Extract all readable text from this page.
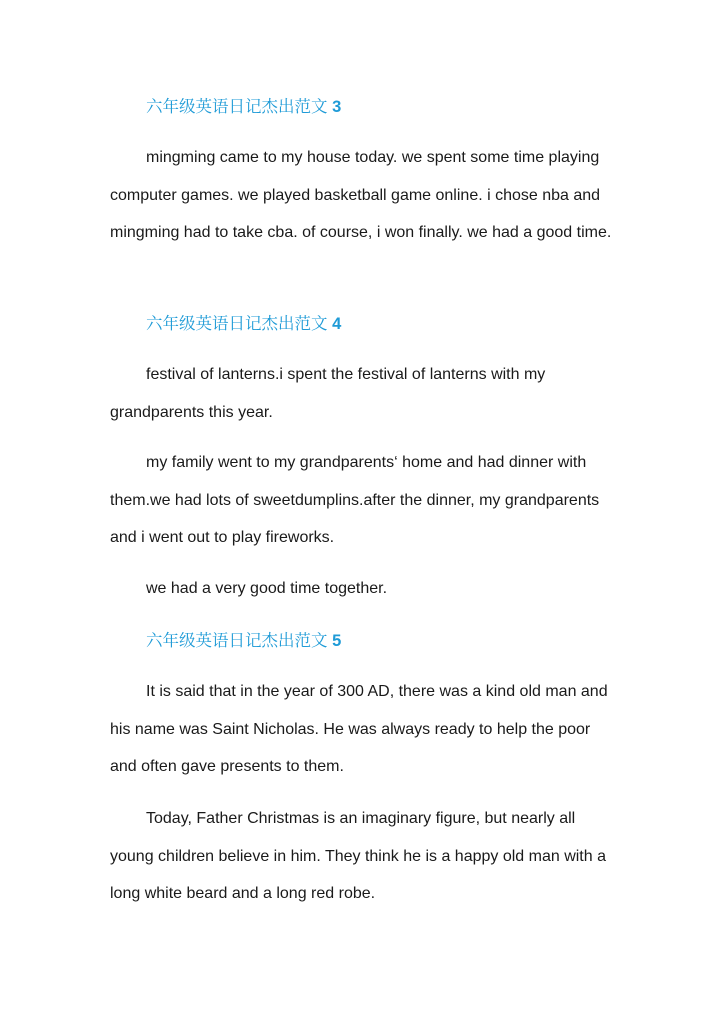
六年级英语日记杰出范文 3

mingming came to my house today. we spent some time playing computer games. we played basketball game online. i chose nba and mingming had to take cba. of course, i won finally. we had a good time.

六年级英语日记杰出范文 4

festival of lanterns.i spent the festival of lanterns with my grandparents this year.

my family went to my grandparents‘ home and had dinner with them.we had lots of sweetdumplins.after the dinner, my grandparents and i went out to play fireworks.

we had a very good time together.

六年级英语日记杰出范文 5

It is said that in the year of 300 AD, there was a kind old man and his name was Saint Nicholas. He was always ready to help the poor and often gave presents to them.

Today, Father Christmas is an imaginary figure, but nearly all young children believe in him. They think he is a happy old man with a long white beard and a long red robe.
